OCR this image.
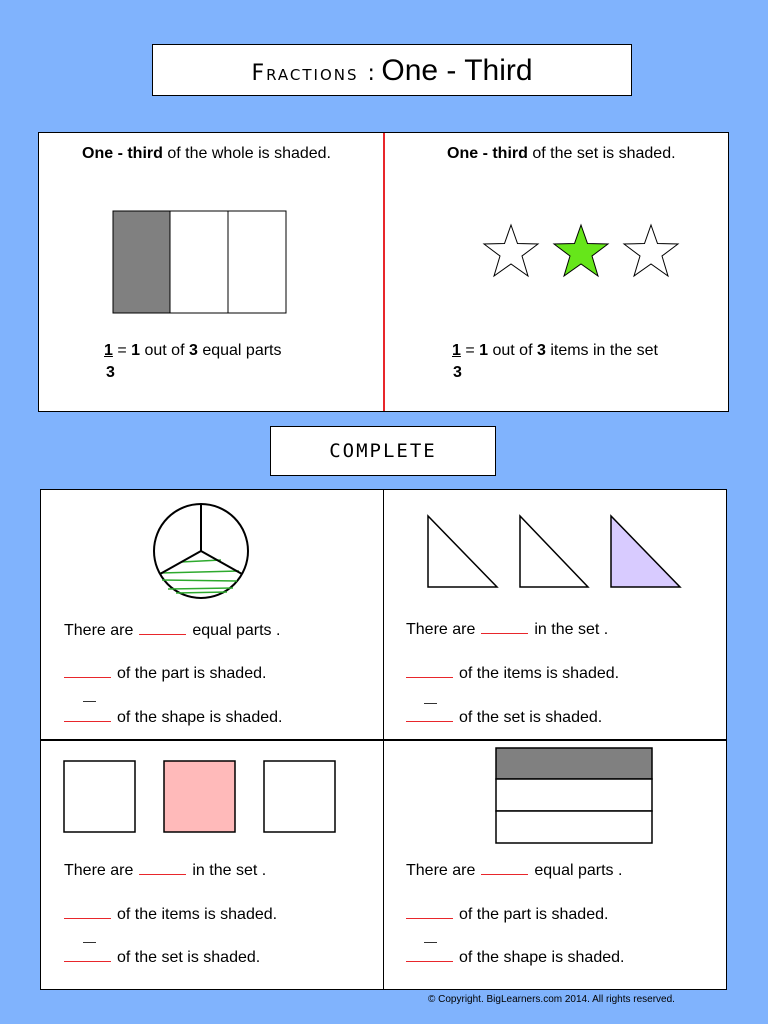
Fractions : One - Third
One - third of the whole is shaded.
1 = 1 out of 3 equal parts
3
One - third of the set is shaded.
1 = 1 out of 3 items in the set
3
COMPLETE
There are	equal parts .
of the part is shaded.
of the shape is shaded.
There are	in the set .
of the items is shaded.
of the set is shaded.
There are	in the set .
of the items is shaded.
of the set is shaded.
There are	equal parts .
of the part is shaded.
of the shape is shaded.
© Copyright. BigLearners.com 2014. All rights reserved.
